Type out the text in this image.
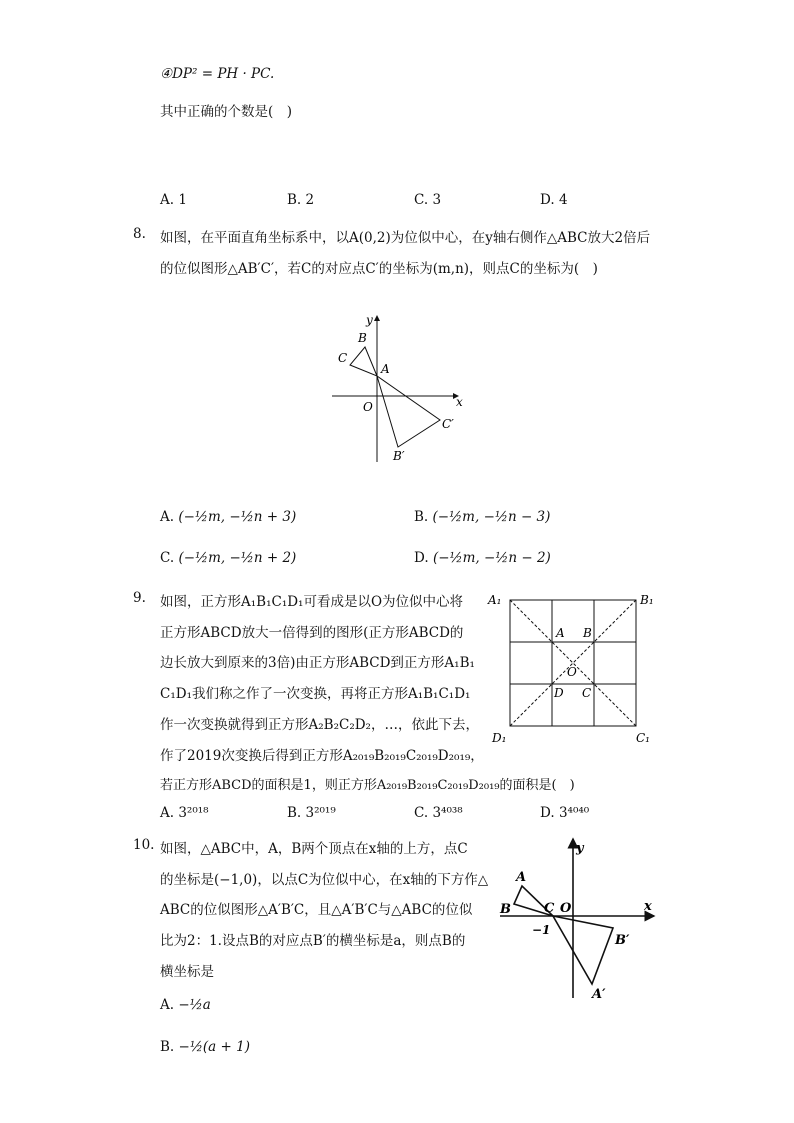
④DP² = PH · PC.
其中正确的个数是(　)
A. 1	B. 2	C. 3	D. 4
8. 如图，在平面直角坐标系中，以A(0,2)为位似中心，在y轴右侧作△ABC放大2倍后
的位似图形△AB′C′，若C的对应点C′的坐标为(m,n)，则点C的坐标为(　)
y
x
O
A
B
C
B′
C′
A. (−½m, −½n + 3)	B. (−½m, −½n − 3)
C. (−½m, −½n + 2)	D. (−½m, −½n − 2)
9. 如图，正方形A₁B₁C₁D₁可看成是以O为位似中心将
正方形ABCD放大一倍得到的图形(正方形ABCD的
边长放大到原来的3倍)由正方形ABCD到正方形A₁B₁
C₁D₁我们称之作了一次变换，再将正方形A₁B₁C₁D₁
作一次变换就得到正方形A₂B₂C₂D₂，…，依此下去，
作了2019次变换后得到正方形A₂₀₁₉B₂₀₁₉C₂₀₁₉D₂₀₁₉，
若正方形ABCD的面积是1，则正方形A₂₀₁₉B₂₀₁₉C₂₀₁₉D₂₀₁₉的面积是(　)
A₁	B₁
D₁	C₁
A B
D C
O
A. 3²⁰¹⁸	B. 3²⁰¹⁹	C. 3⁴⁰³⁸	D. 3⁴⁰⁴⁰
10. 如图，△ABC中，A，B两个顶点在x轴的上方，点C
的坐标是(−1,0)，以点C为位似中心，在x轴的下方作△
ABC的位似图形△A′B′C，且△A′B′C与△ABC的位似
比为2：1.设点B的对应点B′的横坐标是a，则点B的
横坐标是
y
x
O
A
B	C
−1
B′
A′
A. −½a
B. −½(a + 1)
